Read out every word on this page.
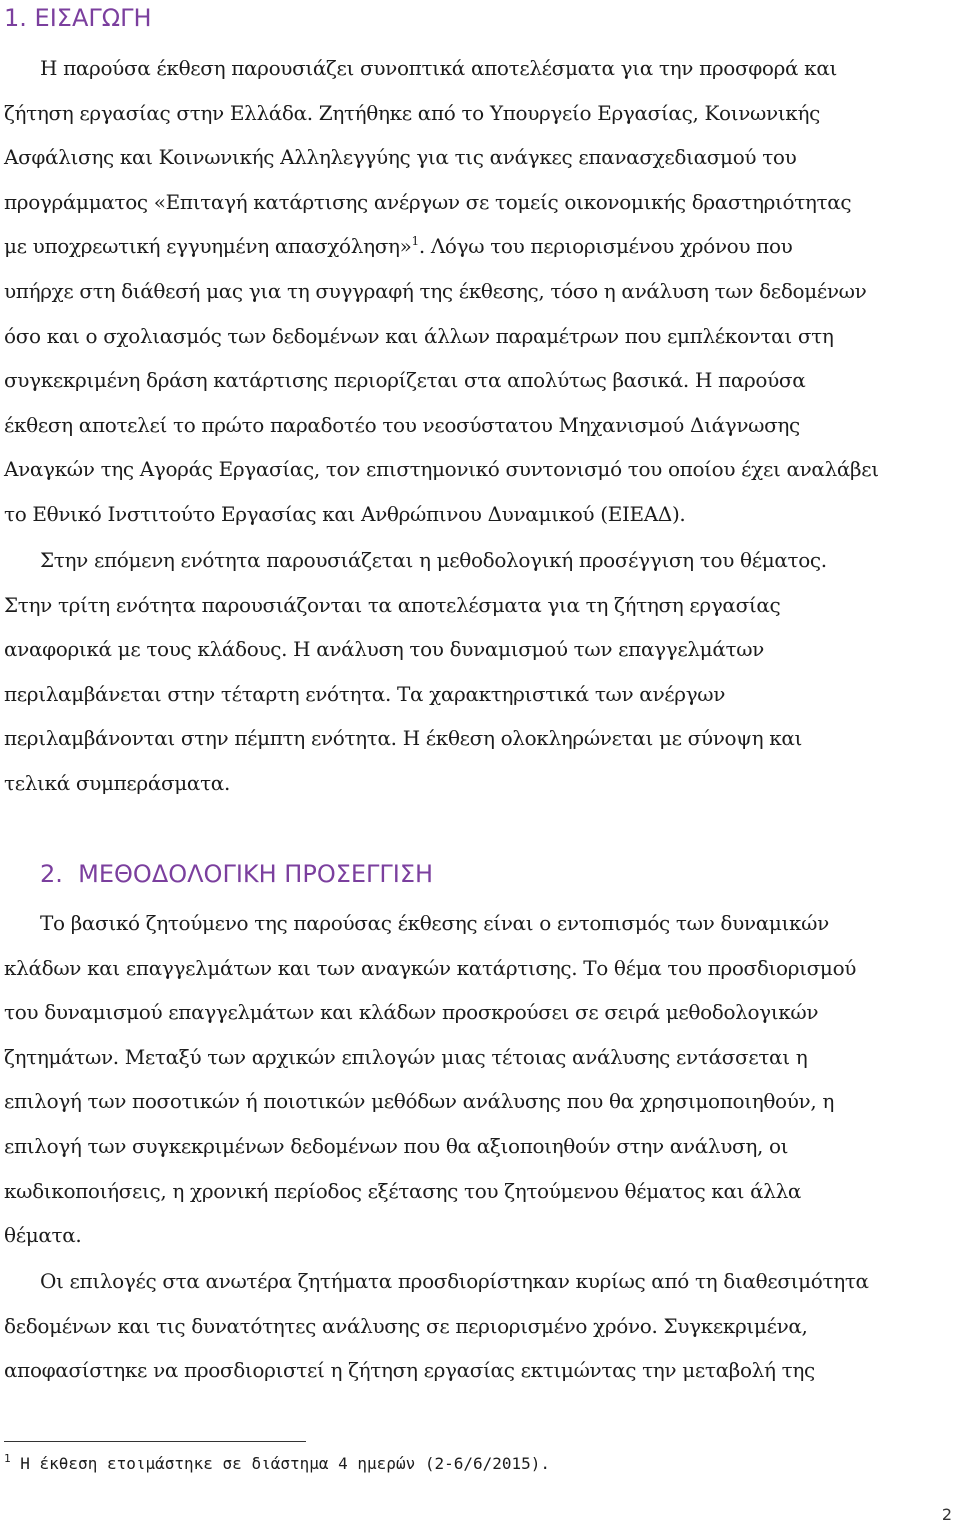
1. ΕΙΣΑΓΩΓΗ

Η παρούσα έκθεση παρουσιάζει συνοπτικά αποτελέσματα για την προσφορά και
ζήτηση εργασίας στην Ελλάδα. Ζητήθηκε από το Υπουργείο Εργασίας, Κοινωνικής
Ασφάλισης και Κοινωνικής Αλληλεγγύης για τις ανάγκες επανασχεδιασμού του
προγράμματος «Επιταγή κατάρτισης ανέργων σε τομείς οικονομικής δραστηριότητας
με υποχρεωτική εγγυημένη απασχόληση»$^1$. Λόγω του περιορισμένου χρόνου που
υπήρχε στη διάθεσή μας για τη συγγραφή της έκθεσης, τόσο η ανάλυση των δεδομένων
όσο και ο σχολιασμός των δεδομένων και άλλων παραμέτρων που εμπλέκονται στη
συγκεκριμένη δράση κατάρτισης περιορίζεται στα απολύτως βασικά. Η παρούσα
έκθεση αποτελεί το πρώτο παραδοτέο του νεοσύστατου Μηχανισμού Διάγνωσης
Αναγκών της Αγοράς Εργασίας, τον επιστημονικό συντονισμό του οποίου έχει αναλάβει
το Εθνικό Ινστιτούτο Εργασίας και Ανθρώπινου Δυναμικού (ΕΙΕΑΔ).

Στην επόμενη ενότητα παρουσιάζεται η μεθοδολογική προσέγγιση του θέματος.
Στην τρίτη ενότητα παρουσιάζονται τα αποτελέσματα για τη ζήτηση εργασίας
αναφορικά με τους κλάδους. Η ανάλυση του δυναμισμού των επαγγελμάτων
περιλαμβάνεται στην τέταρτη ενότητα. Τα χαρακτηριστικά των ανέργων
περιλαμβάνονται στην πέμπτη ενότητα. Η έκθεση ολοκληρώνεται με σύνοψη και
τελικά συμπεράσματα.

2. ΜΕΘΟΔΟΛΟΓΙΚΗ ΠΡΟΣΕΓΓΙΣΗ

Το βασικό ζητούμενο της παρούσας έκθεσης είναι ο εντοπισμός των δυναμικών
κλάδων και επαγγελμάτων και των αναγκών κατάρτισης. Το θέμα του προσδιορισμού
του δυναμισμού επαγγελμάτων και κλάδων προσκρούσει σε σειρά μεθοδολογικών
ζητημάτων. Μεταξύ των αρχικών επιλογών μιας τέτοιας ανάλυσης εντάσσεται η
επιλογή των ποσοτικών ή ποιοτικών μεθόδων ανάλυσης που θα χρησιμοποιηθούν, η
επιλογή των συγκεκριμένων δεδομένων που θα αξιοποιηθούν στην ανάλυση, οι
κωδικοποιήσεις, η χρονική περίοδος εξέτασης του ζητούμενου θέματος και άλλα
θέματα.

Οι επιλογές στα ανωτέρα ζητήματα προσδιορίστηκαν κυρίως από τη διαθεσιμότητα
δεδομένων και τις δυνατότητες ανάλυσης σε περιορισμένο χρόνο. Συγκεκριμένα,
αποφασίστηκε να προσδιοριστεί η ζήτηση εργασίας εκτιμώντας την μεταβολή της

$^1$ Η έκθεση ετοιμάστηκε σε διάστημα 4 ημερών (2-6/6/2015).
2
